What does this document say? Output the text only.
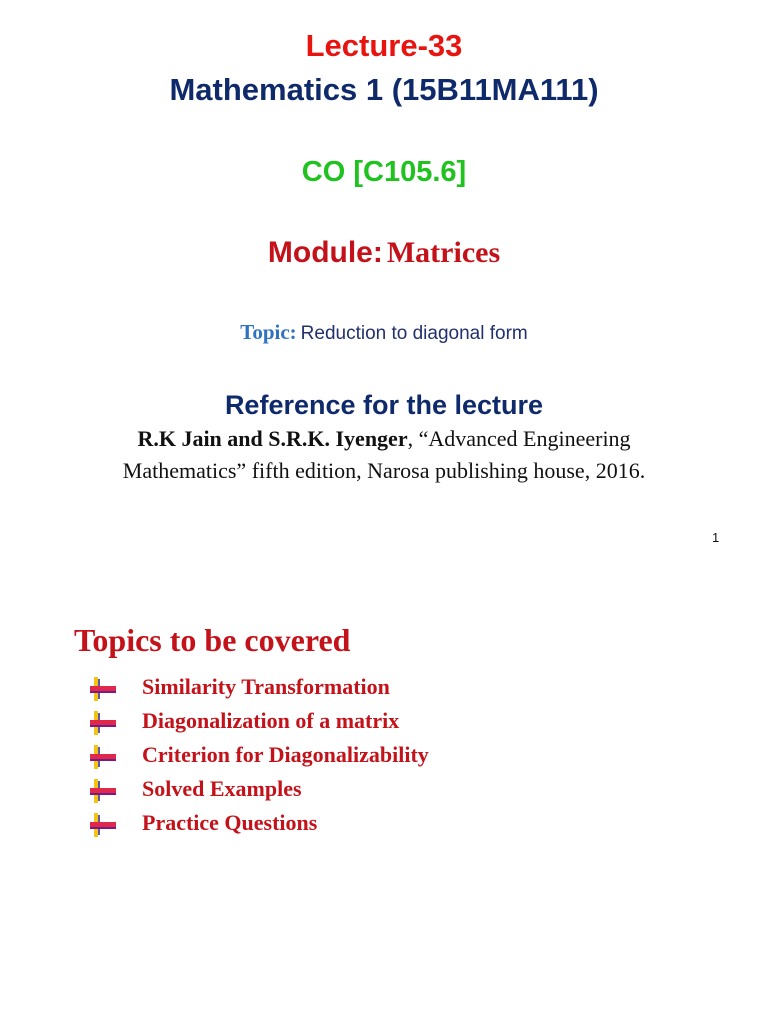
Lecture-33
Mathematics 1 (15B11MA111)
CO [C105.6]
Module: Matrices
Topic: Reduction to diagonal form
Reference for the lecture
R.K Jain and S.R.K. Iyenger, “Advanced Engineering
Mathematics” fifth edition, Narosa publishing house, 2016.
1
Topics to be covered
Similarity Transformation
Diagonalization of a matrix
Criterion for Diagonalizability
Solved Examples
Practice Questions
